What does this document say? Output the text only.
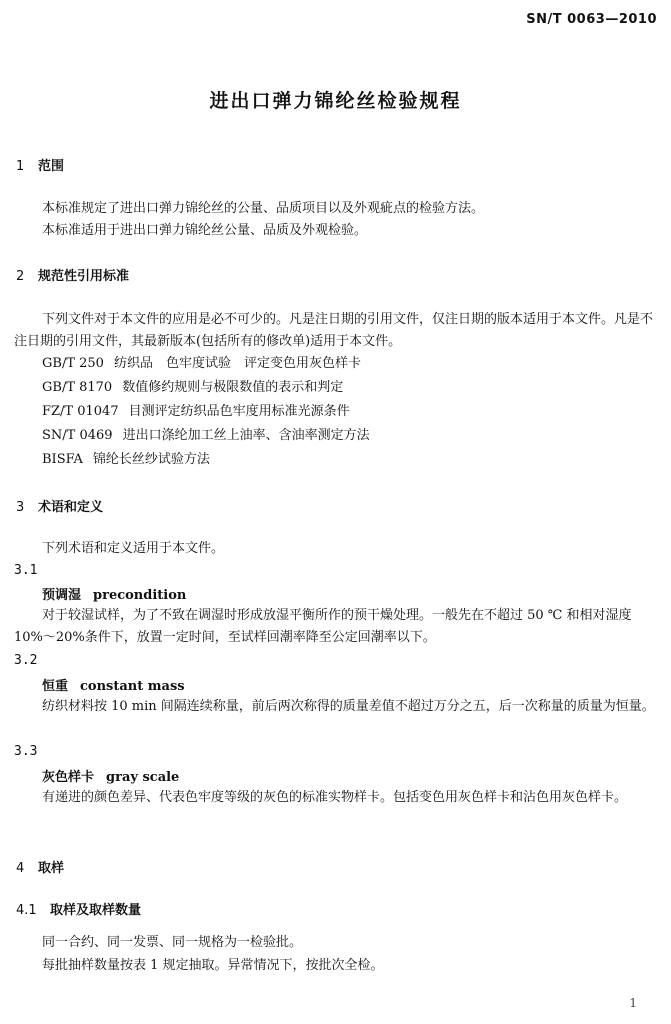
SN/T 0063—2010
进出口弹力锦纶丝检验规程
1 范围
本标准规定了进出口弹力锦纶丝的公量、品质项目以及外观疵点的检验方法。
本标准适用于进出口弹力锦纶丝公量、品质及外观检验。
2 规范性引用标准
下列文件对于本文件的应用是必不可少的。凡是注日期的引用文件，仅注日期的版本适用于本文件。凡是不注日期的引用文件，其最新版本(包括所有的修改单)适用于本文件。
GB/T 250 纺织品　色牢度试验　评定变色用灰色样卡
GB/T 8170 数值修约规则与极限数值的表示和判定
FZ/T 01047 目测评定纺织品色牢度用标准光源条件
SN/T 0469 进出口涤纶加工丝上油率、含油率测定方法
BISFA 锦纶长丝纱试验方法
3 术语和定义
下列术语和定义适用于本文件。
3.1
预调湿 precondition
对于较湿试样，为了不致在调湿时形成放湿平衡所作的预干燥处理。一般先在不超过 50 ℃ 和相对湿度 10%～20%条件下，放置一定时间，至试样回潮率降至公定回潮率以下。
3.2
恒重 constant mass
纺织材料按 10 min 间隔连续称量，前后两次称得的质量差值不超过万分之五，后一次称量的质量为恒量。
3.3
灰色样卡 gray scale
有递进的颜色差异、代表色牢度等级的灰色的标准实物样卡。包括变色用灰色样卡和沾色用灰色样卡。
4 取样
4.1 取样及取样数量
同一合约、同一发票、同一规格为一检验批。
每批抽样数量按表 1 规定抽取。异常情况下，按批次全检。
1
